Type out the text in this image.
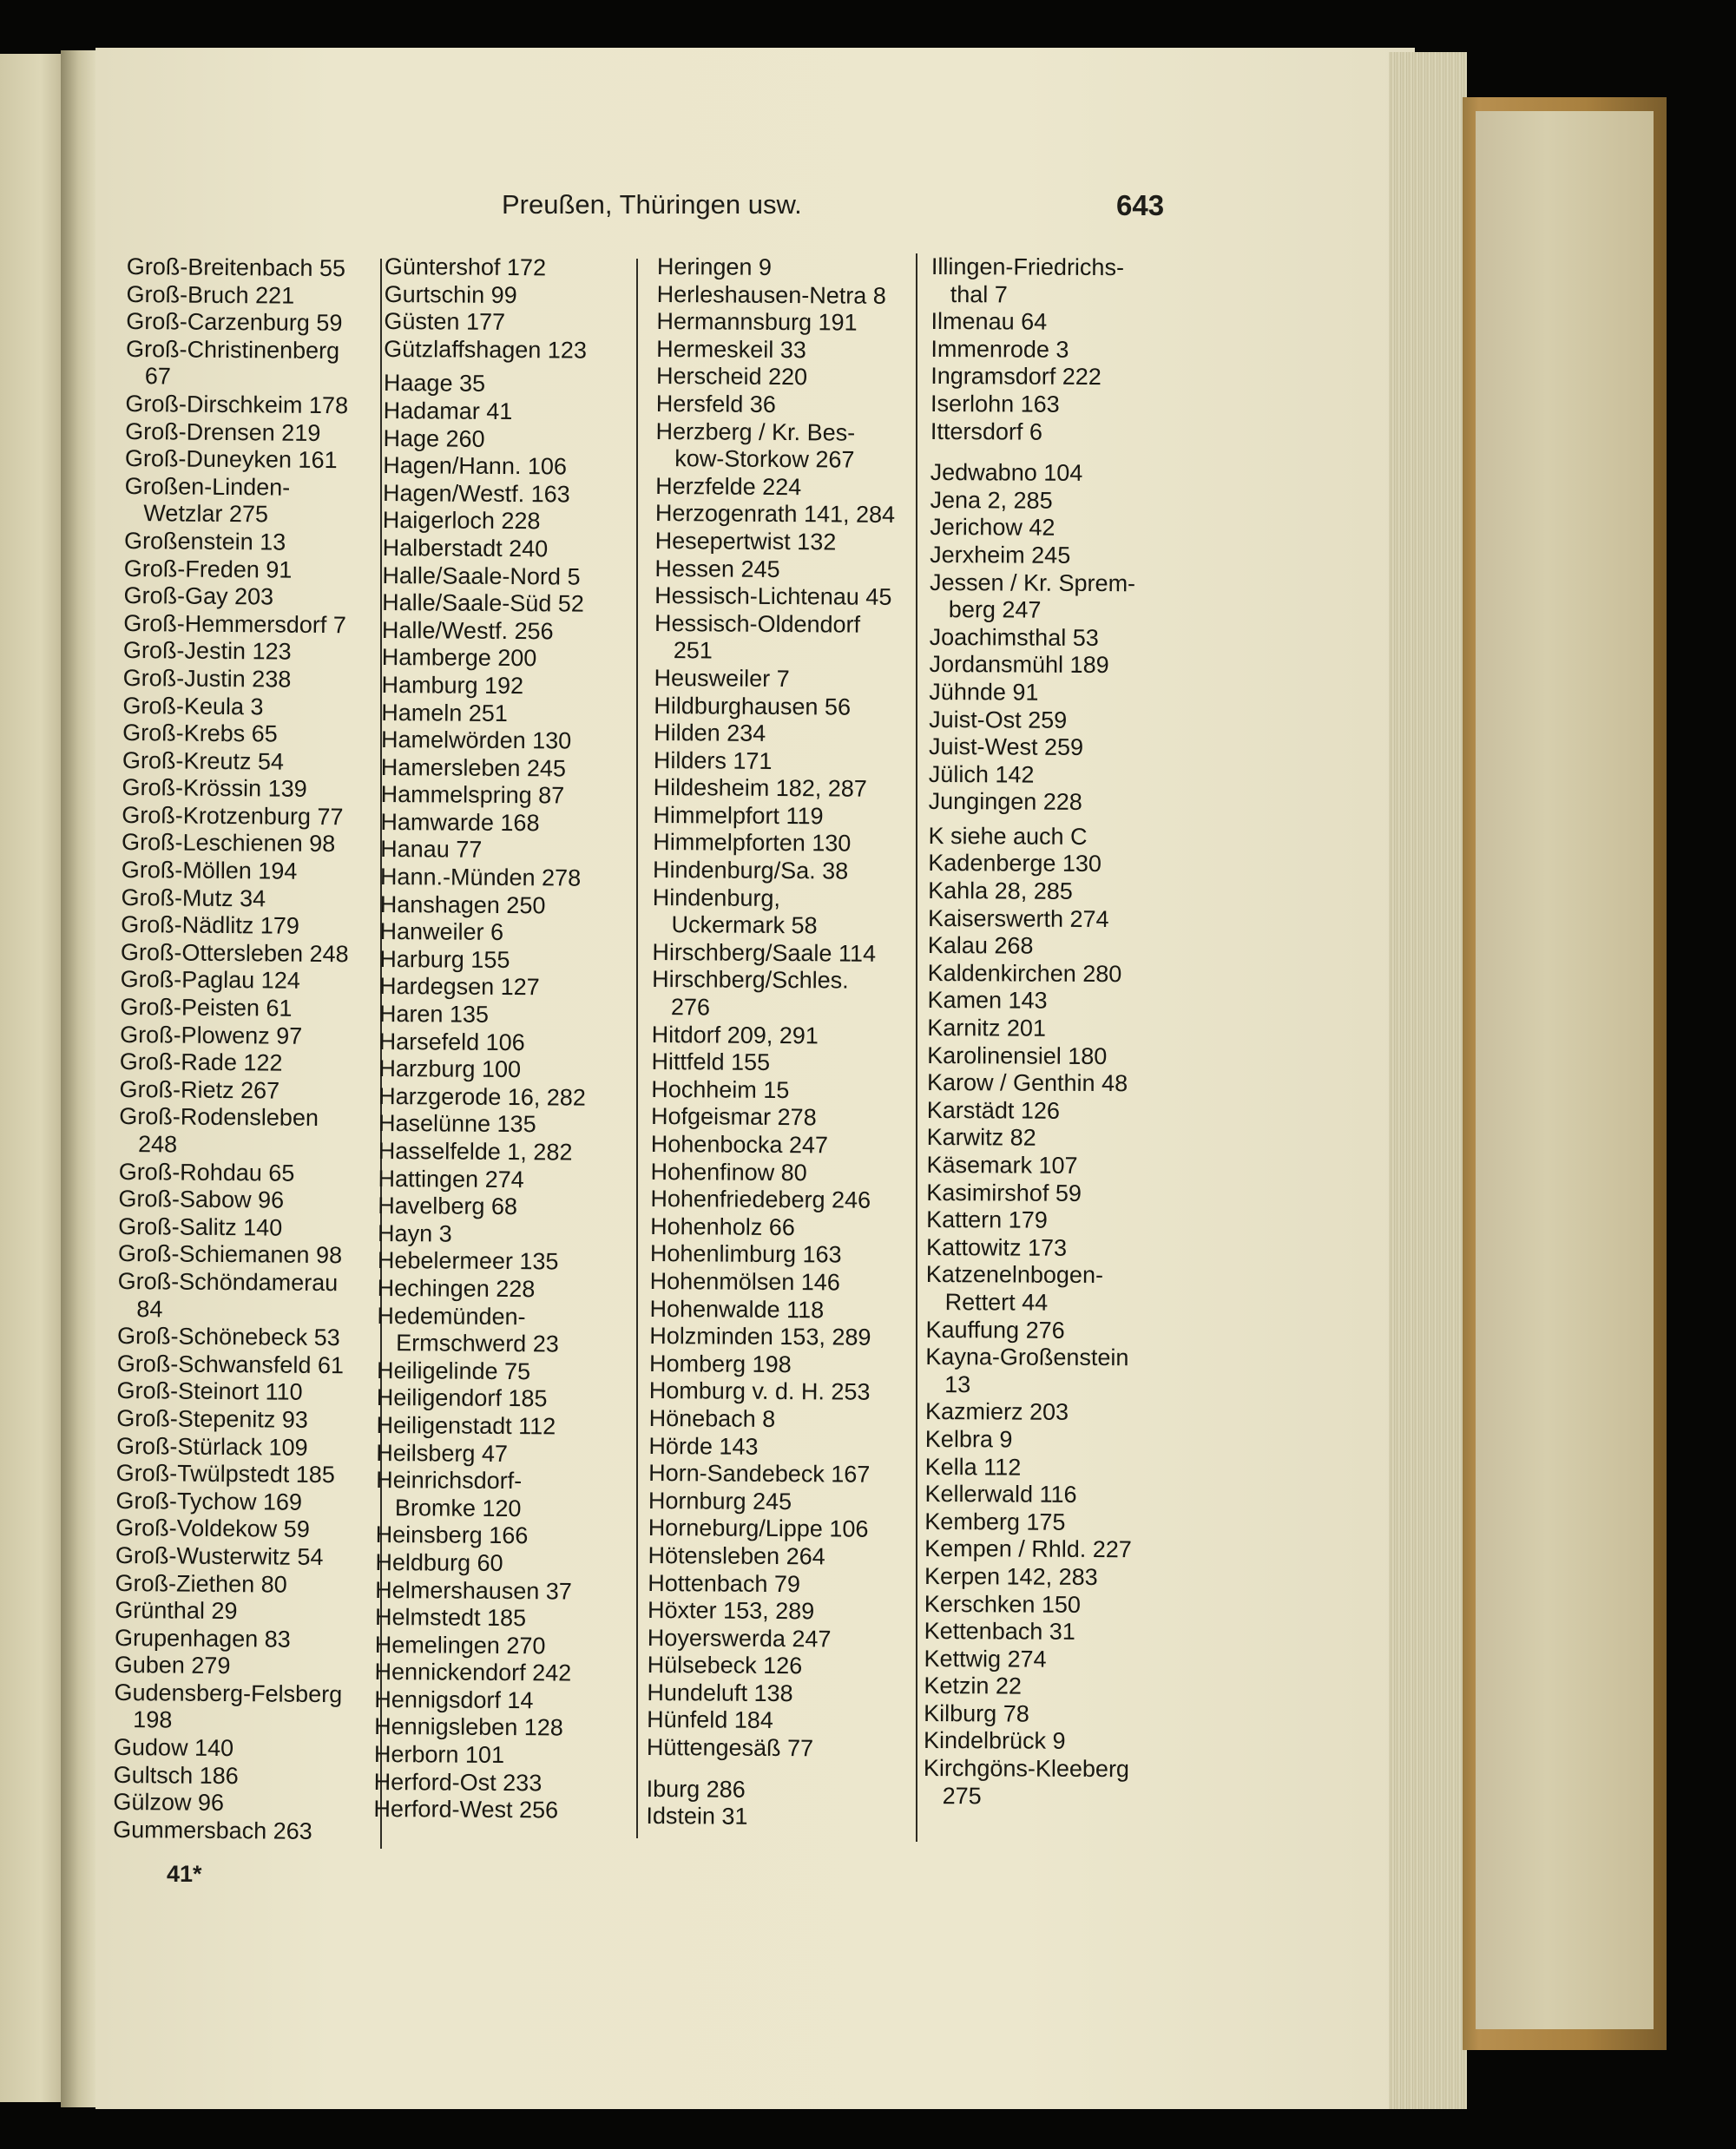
Preußen, Thüringen usw.	643
Groß-Breitenbach 55
Groß-Bruch 221
Groß-Carzenburg 59
Groß-Christinenberg
67
Groß-Dirschkeim 178
Groß-Drensen 219
Groß-Duneyken 161
Großen-Linden-
Wetzlar 275
Großenstein 13
Groß-Freden 91
Groß-Gay 203
Groß-Hemmersdorf 7
Groß-Jestin 123
Groß-Justin 238
Groß-Keula 3
Groß-Krebs 65
Groß-Kreutz 54
Groß-Krössin 139
Groß-Krotzenburg 77
Groß-Leschienen 98
Groß-Möllen 194
Groß-Mutz 34
Groß-Nädlitz 179
Groß-Ottersleben 248
Groß-Paglau 124
Groß-Peisten 61
Groß-Plowenz 97
Groß-Rade 122
Groß-Rietz 267
Groß-Rodensleben
248
Groß-Rohdau 65
Groß-Sabow 96
Groß-Salitz 140
Groß-Schiemanen 98
Groß-Schöndamerau
84
Groß-Schönebeck 53
Groß-Schwansfeld 61
Groß-Steinort 110
Groß-Stepenitz 93
Groß-Stürlack 109
Groß-Twülpstedt 185
Groß-Tychow 169
Groß-Voldekow 59
Groß-Wusterwitz 54
Groß-Ziethen 80
Grünthal 29
Grupenhagen 83
Guben 279
Gudensberg-Felsberg
198
Gudow 140
Gultsch 186
Gülzow 96
Gummersbach 263
Güntershof 172
Gurtschin 99
Güsten 177
Gützlaffshagen 123
Haage 35
Hadamar 41
Hage 260
Hagen/Hann. 106
Hagen/Westf. 163
Haigerloch 228
Halberstadt 240
Halle/Saale-Nord 5
Halle/Saale-Süd 52
Halle/Westf. 256
Hamberge 200
Hamburg 192
Hameln 251
Hamelwörden 130
Hamersleben 245
Hammelspring 87
Hamwarde 168
Hanau 77
Hann.-Münden 278
Hanshagen 250
Hanweiler 6
Harburg 155
Hardegsen 127
Haren 135
Harsefeld 106
Harzburg 100
Harzgerode 16, 282
Haselünne 135
Hasselfelde 1, 282
Hattingen 274
Havelberg 68
Hayn 3
Hebelermeer 135
Hechingen 228
Hedemünden-
Ermschwerd 23
Heiligelinde 75
Heiligendorf 185
Heiligenstadt 112
Heilsberg 47
Heinrichsdorf-
Bromke 120
Heinsberg 166
Heldburg 60
Helmershausen 37
Helmstedt 185
Hemelingen 270
Hennickendorf 242
Hennigsdorf 14
Hennigsleben 128
Herborn 101
Herford-Ost 233
Herford-West 256
Heringen 9
Herleshausen-Netra 8
Hermannsburg 191
Hermeskeil 33
Herscheid 220
Hersfeld 36
Herzberg / Kr. Bes-
kow-Storkow 267
Herzfelde 224
Herzogenrath 141, 284
Hesepertwist 132
Hessen 245
Hessisch-Lichtenau 45
Hessisch-Oldendorf
251
Heusweiler 7
Hildburghausen 56
Hilden 234
Hilders 171
Hildesheim 182, 287
Himmelpfort 119
Himmelpforten 130
Hindenburg/Sa. 38
Hindenburg,
Uckermark 58
Hirschberg/Saale 114
Hirschberg/Schles.
276
Hitdorf 209, 291
Hittfeld 155
Hochheim 15
Hofgeismar 278
Hohenbocka 247
Hohenfinow 80
Hohenfriedeberg 246
Hohenholz 66
Hohenlimburg 163
Hohenmölsen 146
Hohenwalde 118
Holzminden 153, 289
Homberg 198
Homburg v. d. H. 253
Hönebach 8
Hörde 143
Horn-Sandebeck 167
Hornburg 245
Horneburg/Lippe 106
Hötensleben 264
Hottenbach 79
Höxter 153, 289
Hoyerswerda 247
Hülsebeck 126
Hundeluft 138
Hünfeld 184
Hüttengesäß 77
Iburg 286
Idstein 31
Illingen-Friedrichs-
thal 7
Ilmenau 64
Immenrode 3
Ingramsdorf 222
Iserlohn 163
Ittersdorf 6
Jedwabno 104
Jena 2, 285
Jerichow 42
Jerxheim 245
Jessen / Kr. Sprem-
berg 247
Joachimsthal 53
Jordansmühl 189
Jühnde 91
Juist-Ost 259
Juist-West 259
Jülich 142
Jungingen 228
K siehe auch C
Kadenberge 130
Kahla 28, 285
Kaiserswerth 274
Kalau 268
Kaldenkirchen 280
Kamen 143
Karnitz 201
Karolinensiel 180
Karow / Genthin 48
Karstädt 126
Karwitz 82
Käsemark 107
Kasimirshof 59
Kattern 179
Kattowitz 173
Katzenelnbogen-
Rettert 44
Kauffung 276
Kayna-Großenstein
13
Kazmierz 203
Kelbra 9
Kella 112
Kellerwald 116
Kemberg 175
Kempen / Rhld. 227
Kerpen 142, 283
Kerschken 150
Kettenbach 31
Kettwig 274
Ketzin 22
Kilburg 78
Kindelbrück 9
Kirchgöns-Kleeberg
275
41*
